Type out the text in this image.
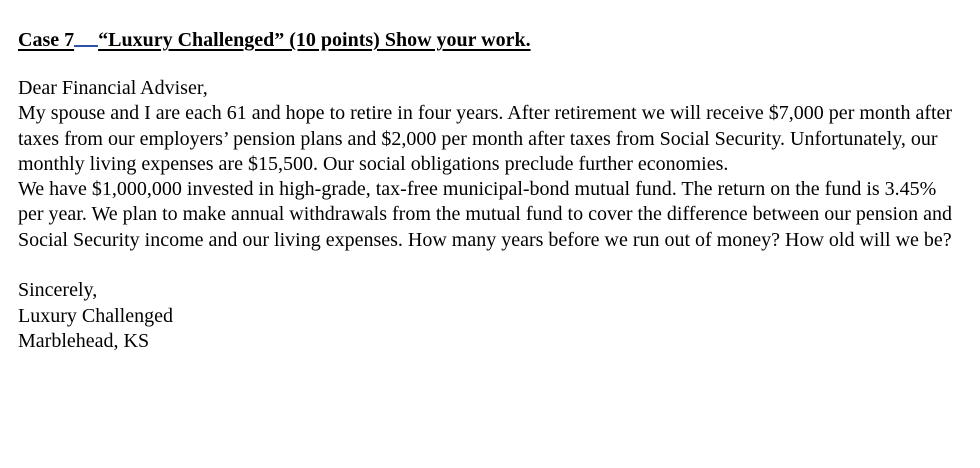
Case 7 “Luxury Challenged” (10 points) Show your work.

Dear Financial Adviser,

My spouse and I are each 61 and hope to retire in four years. After retirement we will receive $7,000 per month after taxes from our employers’ pension plans and $2,000 per month after taxes from Social Security. Unfortunately, our monthly living expenses are $15,500. Our social obligations preclude further economies.

We have $1,000,000 invested in high-grade, tax-free municipal-bond mutual fund. The return on the fund is 3.45% per year. We plan to make annual withdrawals from the mutual fund to cover the difference between our pension and Social Security income and our living expenses. How many years before we run out of money? How old will we be?

Sincerely,

Luxury Challenged

Marblehead, KS
